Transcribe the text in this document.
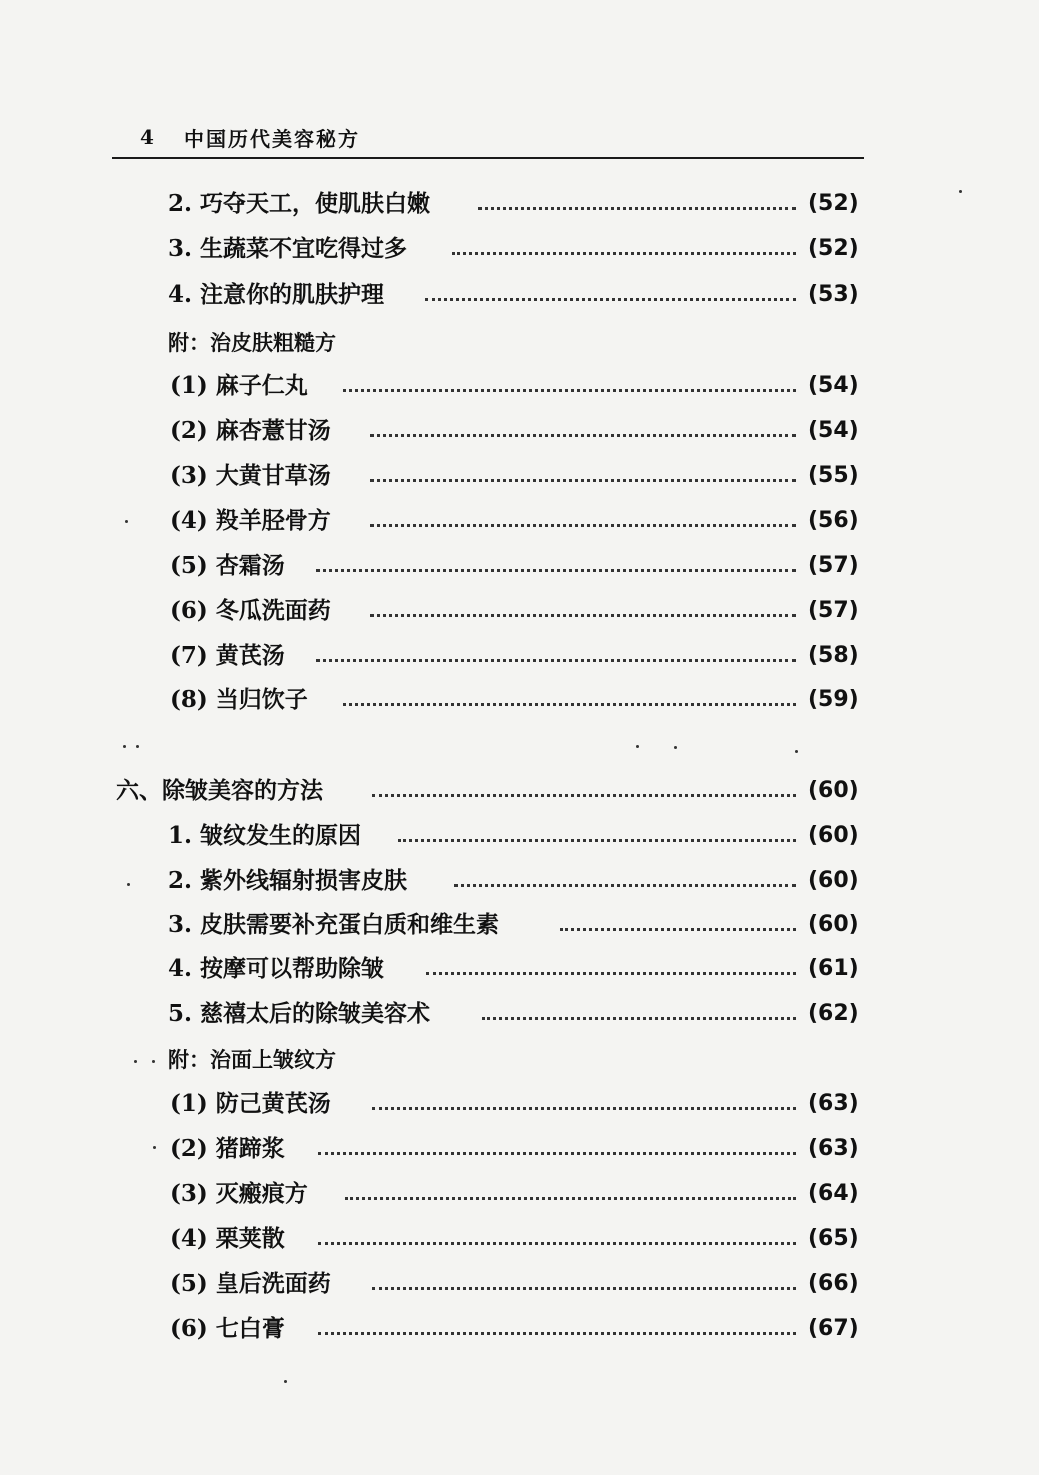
4 中国历代美容秘方
2. 巧夺天工，使肌肤白嫩	(52)
3. 生蔬菜不宜吃得过多	(52)
4. 注意你的肌肤护理	(53)
附：治皮肤粗糙方
(1) 麻子仁丸	(54)
(2) 麻杏薏甘汤	(54)
(3) 大黄甘草汤	(55)
(4) 羖羊胫骨方	(56)
(5) 杏霜汤	(57)
(6) 冬瓜洗面药	(57)
(7) 黄芪汤	(58)
(8) 当归饮子	(59)
六、除皱美容的方法	(60)
1. 皱纹发生的原因	(60)
2. 紫外线辐射损害皮肤	(60)
3. 皮肤需要补充蛋白质和维生素	(60)
4. 按摩可以帮助除皱	(61)
5. 慈禧太后的除皱美容术	(62)
附：治面上皱纹方
(1) 防己黄芪汤	(63)
(2) 猪蹄浆	(63)
(3) 灭瘢痕方	(64)
(4) 栗荚散	(65)
(5) 皇后洗面药	(66)
(6) 七白膏	(67)
